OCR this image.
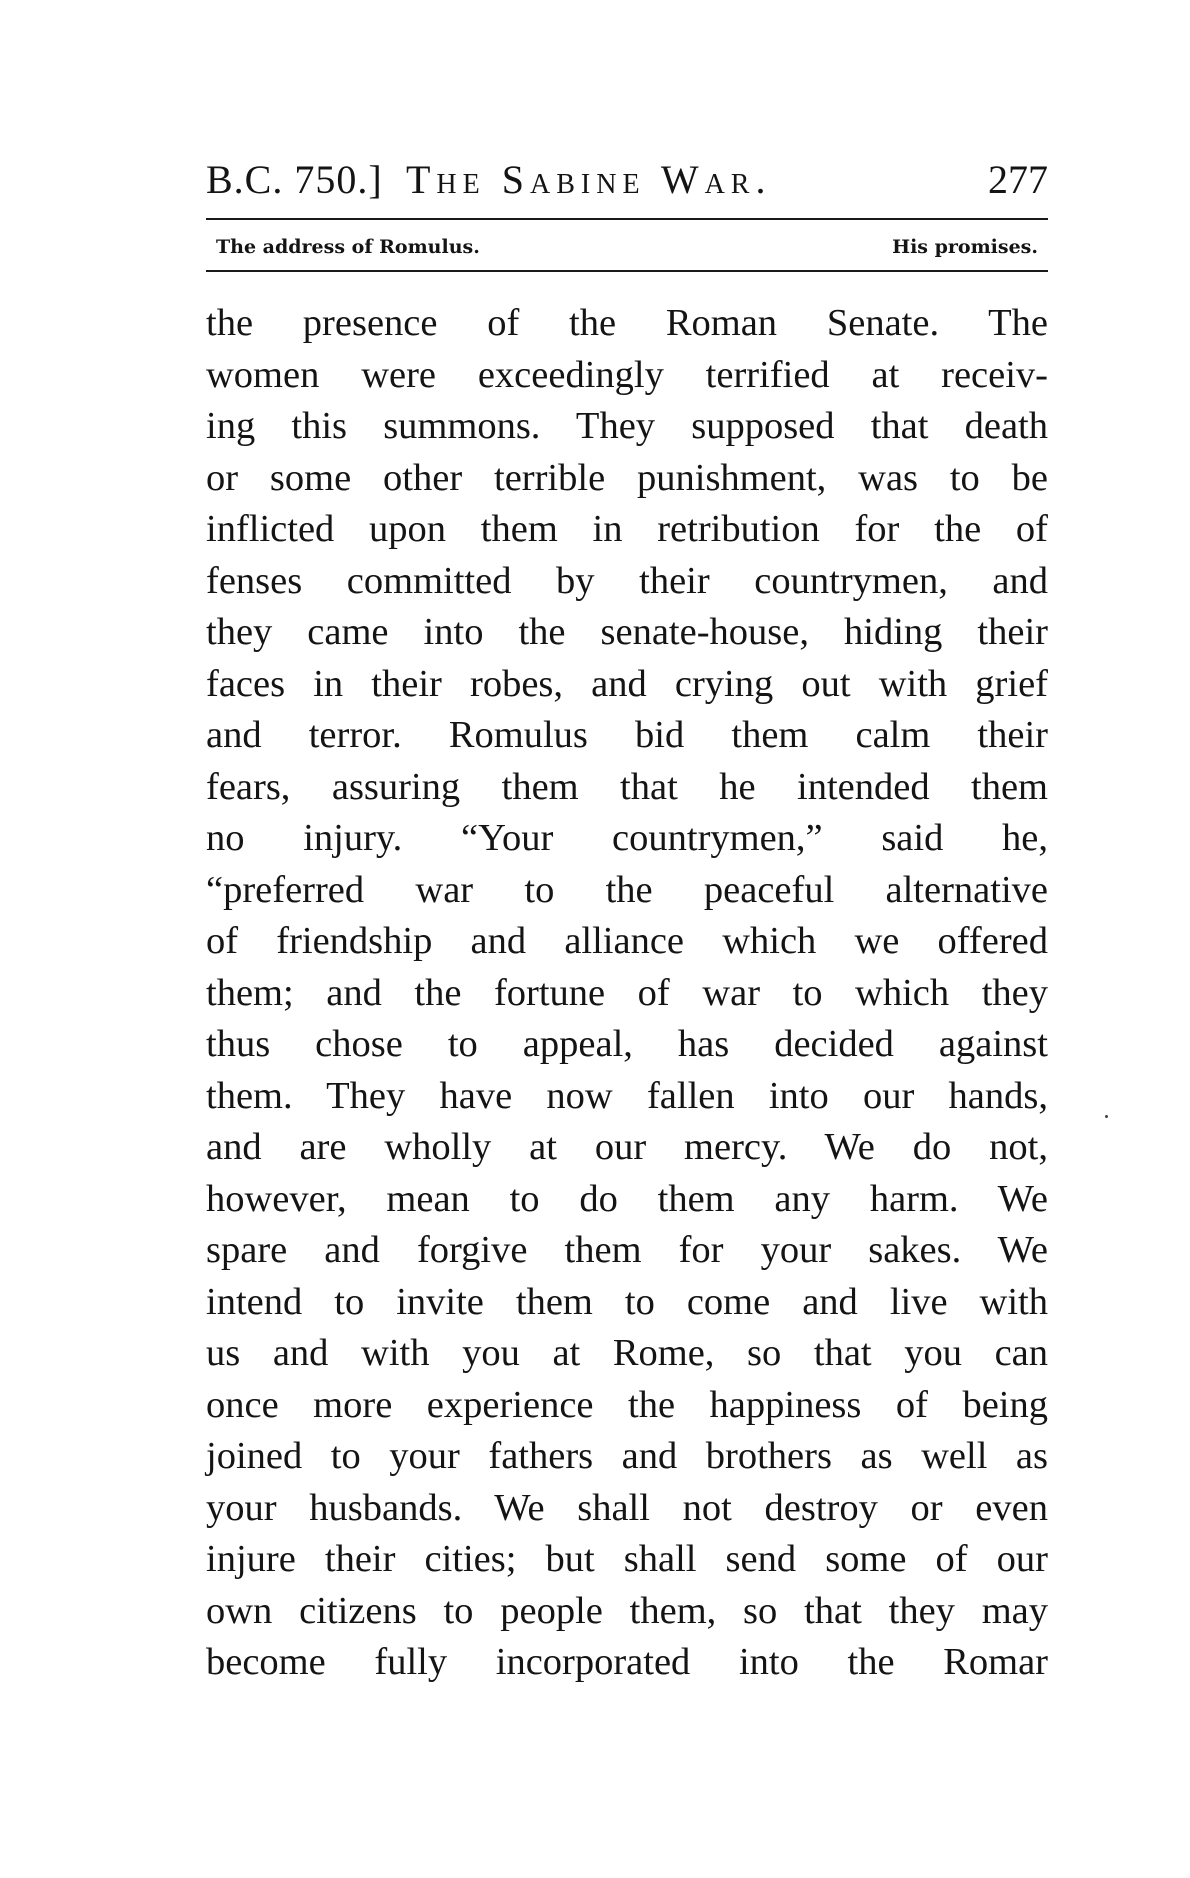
B.C. 750.] The Sabine War.	277
The address of Romulus.	His promises.
the presence of the Roman Senate. The
women were exceedingly terrified at receiv-
ing this summons. They supposed that death
or some other terrible punishment, was to be
inflicted upon them in retribution for the of
fenses committed by their countrymen, and
they came into the senate-house, hiding their
faces in their robes, and crying out with grief
and terror. Romulus bid them calm their
fears, assuring them that he intended them
no injury. “Your countrymen,” said he,
“preferred war to the peaceful alternative
of friendship and alliance which we offered
them; and the fortune of war to which they
thus chose to appeal, has decided against
them. They have now fallen into our hands,
and are wholly at our mercy. We do not,
however, mean to do them any harm. We
spare and forgive them for your sakes. We
intend to invite them to come and live with
us and with you at Rome, so that you can
once more experience the happiness of being
joined to your fathers and brothers as well as
your husbands. We shall not destroy or even
injure their cities; but shall send some of our
own citizens to people them, so that they may
become fully incorporated into the Romar
